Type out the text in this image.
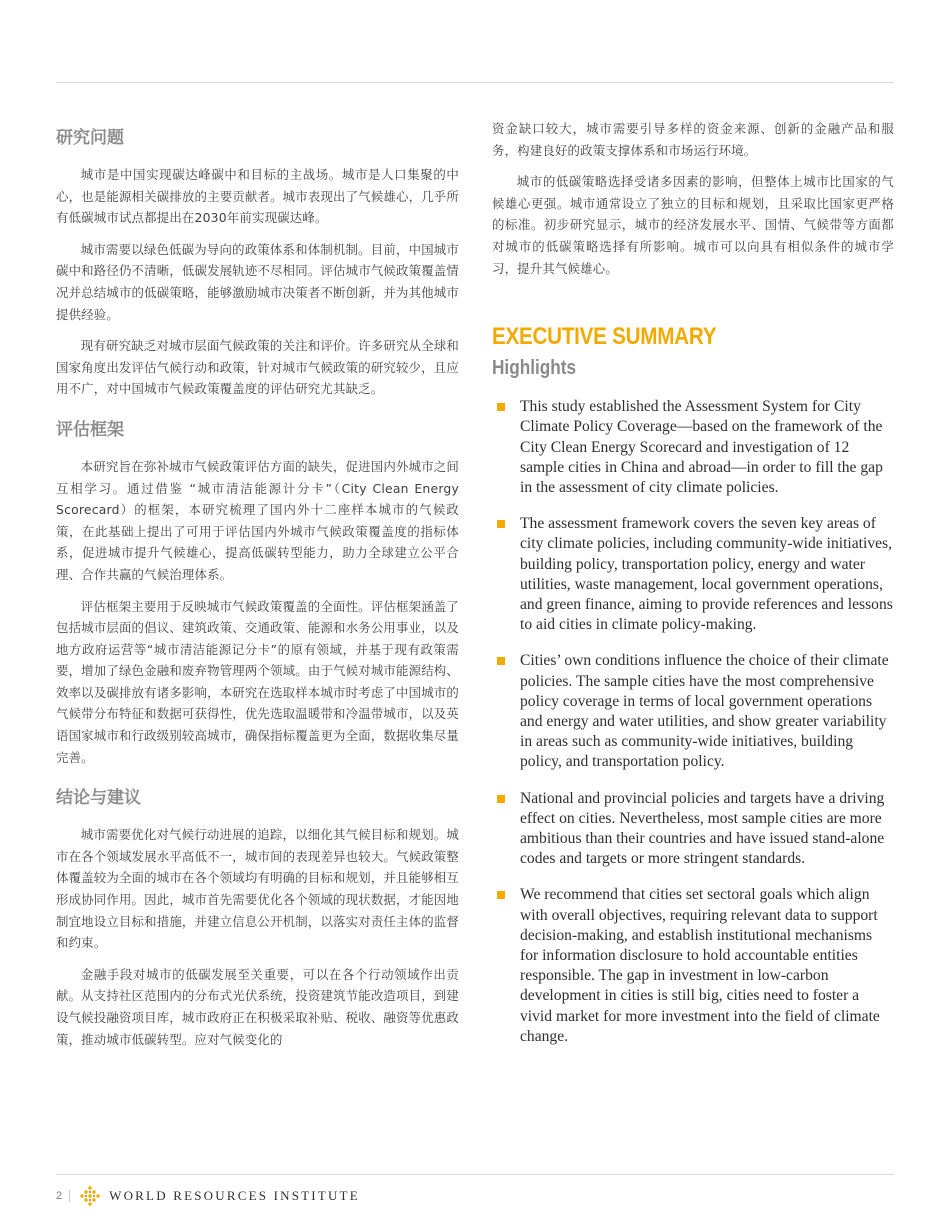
研究问题

城市是中国实现碳达峰碳中和目标的主战场。城市是人口集聚的中心，也是能源相关碳排放的主要贡献者。城市表现出了气候雄心，几乎所有低碳城市试点都提出在2030年前实现碳达峰。

城市需要以绿色低碳为导向的政策体系和体制机制。目前，中国城市碳中和路径仍不清晰，低碳发展轨迹不尽相同。评估城市气候政策覆盖情况并总结城市的低碳策略，能够激励城市决策者不断创新，并为其他城市提供经验。

现有研究缺乏对城市层面气候政策的关注和评价。许多研究从全球和国家角度出发评估气候行动和政策，针对城市气候政策的研究较少，且应用不广，对中国城市气候政策覆盖度的评估研究尤其缺乏。

评估框架

本研究旨在弥补城市气候政策评估方面的缺失，促进国内外城市之间互相学习。通过借鉴 “城市清洁能源计分卡”（City Clean Energy Scorecard）的框架，本研究梳理了国内外十二座样本城市的气候政策，在此基础上提出了可用于评估国内外城市气候政策覆盖度的指标体系，促进城市提升气候雄心，提高低碳转型能力，助力全球建立公平合理、合作共赢的气候治理体系。

评估框架主要用于反映城市气候政策覆盖的全面性。评估框架涵盖了包括城市层面的倡议、建筑政策、交通政策、能源和水务公用事业，以及地方政府运营等“城市清洁能源记分卡”的原有领域，并基于现有政策需要，增加了绿色金融和废弃物管理两个领域。由于气候对城市能源结构、效率以及碳排放有诸多影响，本研究在选取样本城市时考虑了中国城市的气候带分布特征和数据可获得性，优先选取温暖带和冷温带城市，以及英语国家城市和行政级别较高城市，确保指标覆盖更为全面，数据收集尽量完善。

结论与建议

城市需要优化对气候行动进展的追踪，以细化其气候目标和规划。城市在各个领域发展水平高低不一，城市间的表现差异也较大。气候政策整体覆盖较为全面的城市在各个领域均有明确的目标和规划，并且能够相互形成协同作用。因此，城市首先需要优化各个领域的现状数据，才能因地制宜地设立目标和措施，并建立信息公开机制，以落实对责任主体的监督和约束。

金融手段对城市的低碳发展至关重要，可以在各个行动领域作出贡献。从支持社区范围内的分布式光伏系统，投资建筑节能改造项目，到建设气候投融资项目库，城市政府正在积极采取补贴、税收、融资等优惠政策，推动城市低碳转型。应对气候变化的

资金缺口较大，城市需要引导多样的资金来源、创新的金融产品和服务，构建良好的政策支撑体系和市场运行环境。

城市的低碳策略选择受诸多因素的影响，但整体上城市比国家的气候雄心更强。城市通常设立了独立的目标和规划，且采取比国家更严格的标准。初步研究显示，城市的经济发展水平、国情、气候带等方面都对城市的低碳策略选择有所影响。城市可以向具有相似条件的城市学习，提升其气候雄心。

EXECUTIVE SUMMARY
Highlights

This study established the Assessment System for City Climate Policy Coverage—based on the framework of the City Clean Energy Scorecard and investigation of 12 sample cities in China and abroad—in order to fill the gap in the assessment of city climate policies.

The assessment framework covers the seven key areas of city climate policies, including community-wide initiatives, building policy, transportation policy, energy and water utilities, waste management, local government operations, and green finance, aiming to provide references and lessons to aid cities in climate policy-making.

Cities’ own conditions influence the choice of their climate policies. The sample cities have the most comprehensive policy coverage in terms of local government operations and energy and water utilities, and show greater variability in areas such as community-wide initiatives, building policy, and transportation policy.

National and provincial policies and targets have a driving effect on cities. Nevertheless, most sample cities are more ambitious than their countries and have issued stand-alone codes and targets or more stringent standards.

We recommend that cities set sectoral goals which align with overall objectives, requiring relevant data to support decision-making, and establish institutional mechanisms for information disclosure to hold accountable entities responsible. The gap in investment in low-carbon development in cities is still big, cities need to foster a vivid market for more investment into the field of climate change.

2	WORLD RESOURCES INSTITUTE
